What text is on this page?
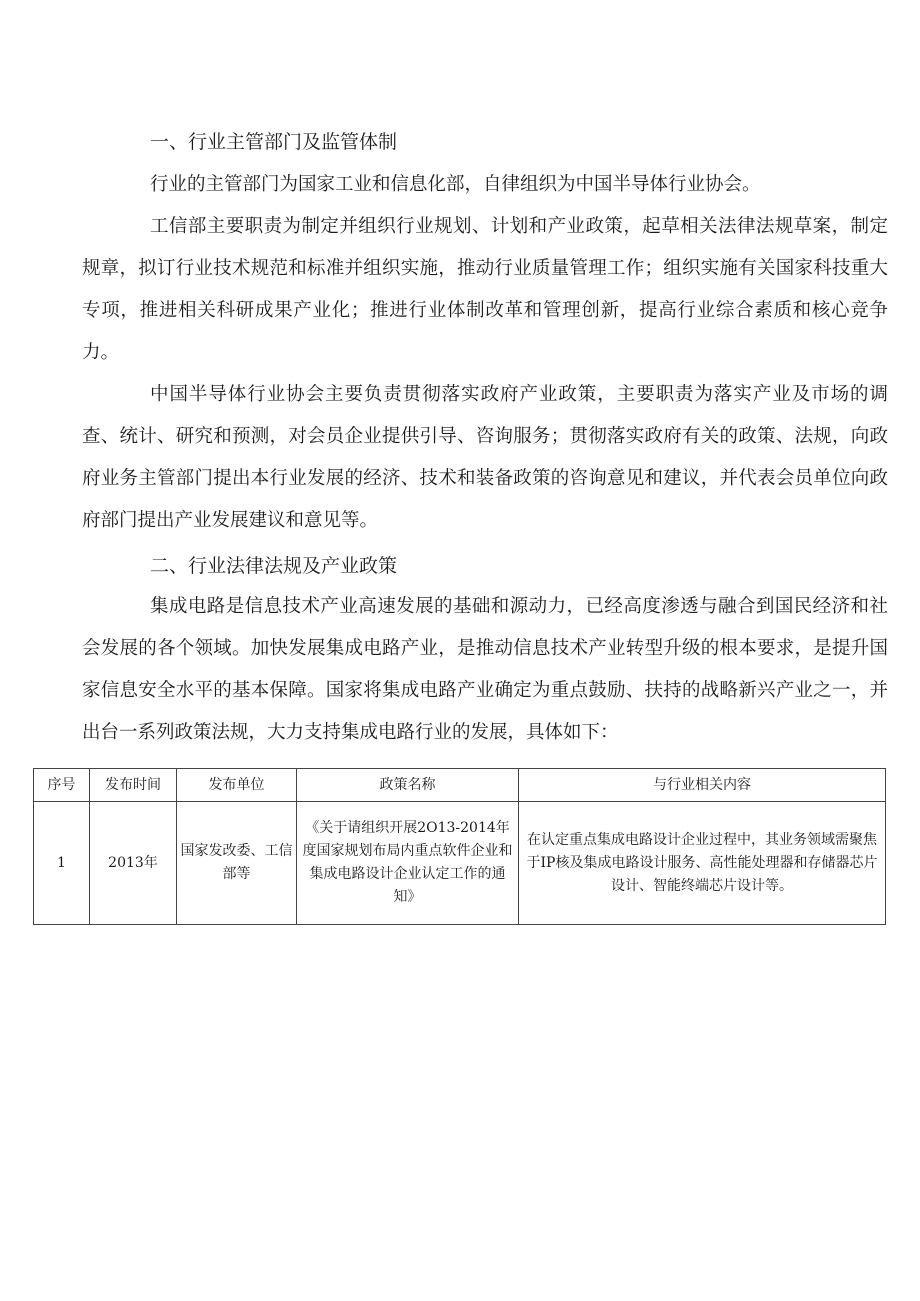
一、行业主管部门及监管体制

行业的主管部门为国家工业和信息化部，自律组织为中国半导体行业协会。

工信部主要职责为制定并组织行业规划、计划和产业政策，起草相关法律法规草案，制定规章，拟订行业技术规范和标准并组织实施，推动行业质量管理工作；组织实施有关国家科技重大专项，推进相关科研成果产业化；推进行业体制改革和管理创新，提高行业综合素质和核心竞争力。

中国半导体行业协会主要负责贯彻落实政府产业政策，主要职责为落实产业及市场的调查、统计、研究和预测，对会员企业提供引导、咨询服务；贯彻落实政府有关的政策、法规，向政府业务主管部门提出本行业发展的经济、技术和装备政策的咨询意见和建议，并代表会员单位向政府部门提出产业发展建议和意见等。

二、行业法律法规及产业政策

集成电路是信息技术产业高速发展的基础和源动力，已经高度渗透与融合到国民经济和社会发展的各个领域。加快发展集成电路产业，是推动信息技术产业转型升级的根本要求，是提升国家信息安全水平的基本保障。国家将集成电路产业确定为重点鼓励、扶持的战略新兴产业之一，并出台一系列政策法规，大力支持集成电路行业的发展，具体如下：

序号	发布时间	发布单位	政策名称	与行业相关内容
1	2013年	国家发改委、工信部等	《关于请组织开展2O13-2014年度国家规划布局内重点软件企业和集成电路设计企业认定工作的通知》	在认定重点集成电路设计企业过程中，其业务领域需聚焦于IP核及集成电路设计服务、高性能处理器和存储器芯片设计、智能终端芯片设计等。
